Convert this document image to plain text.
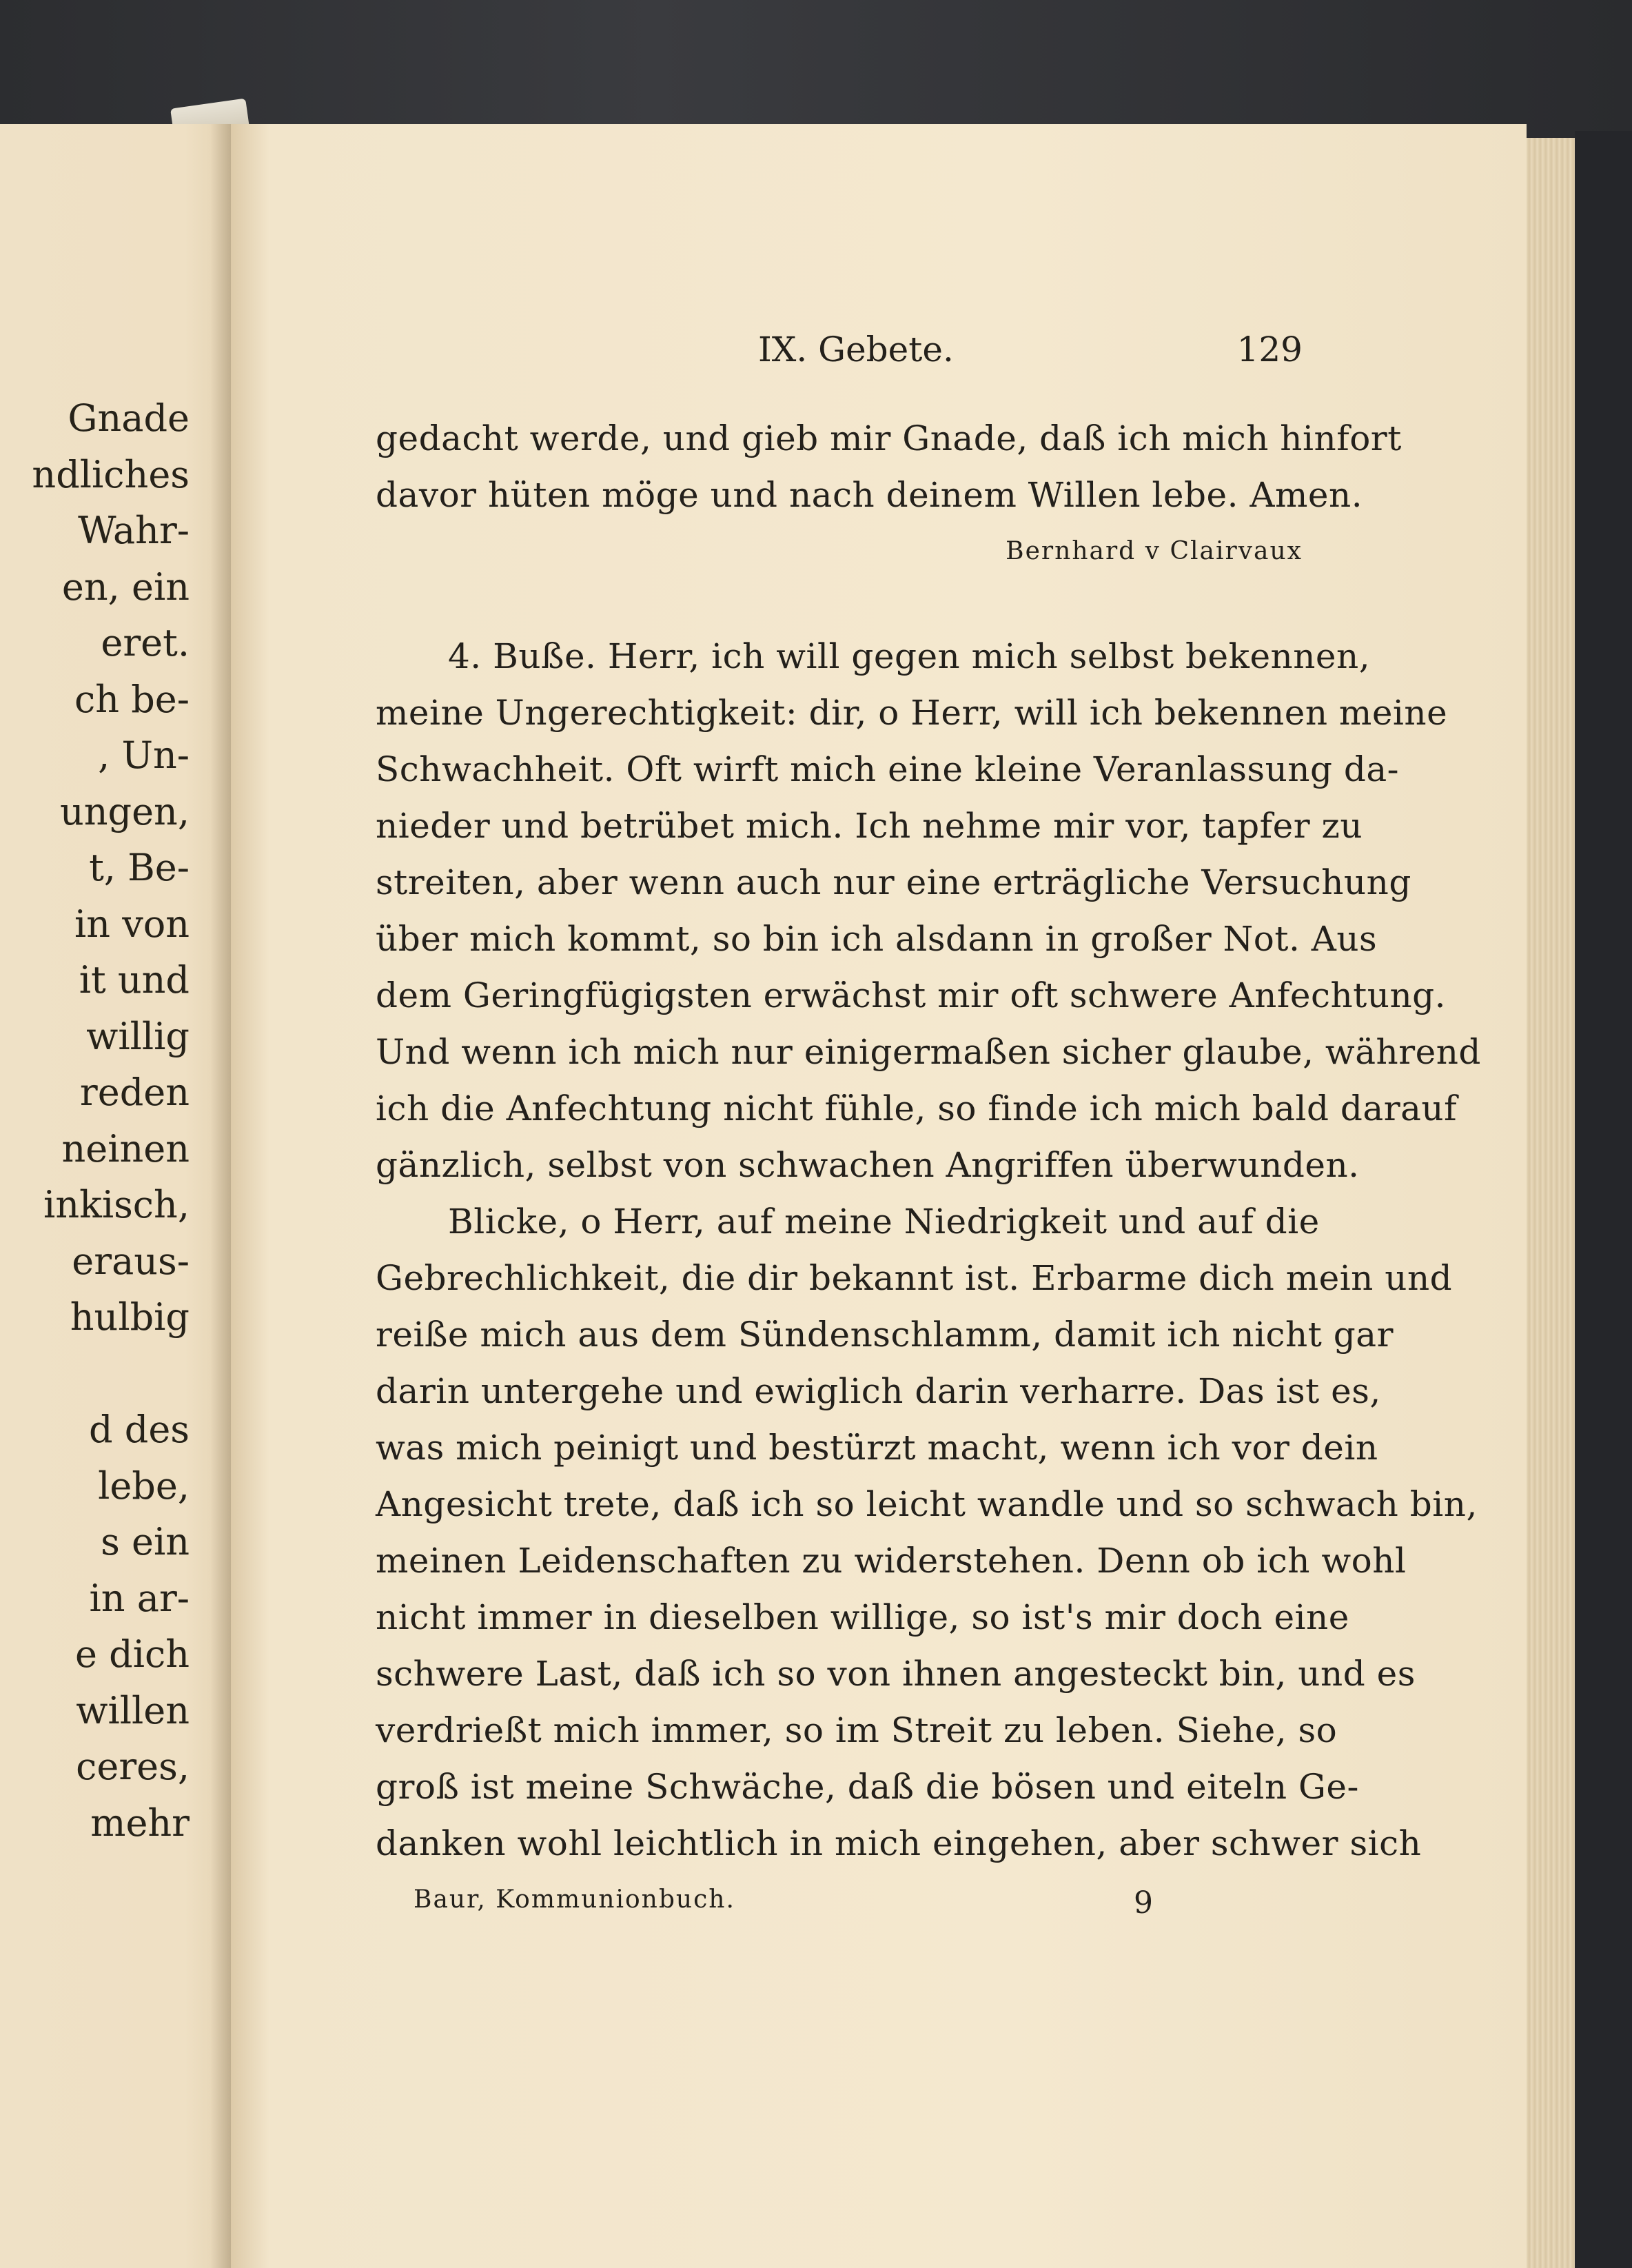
Gnade
ndliches
Wahr-
en, ein
eret.
ch be-
, Un-
ungen,
t, Be-
in von
it und
willig
reden
neinen
inkisch,
eraus-
hulbig
d des
lebe,
s ein
in ar-
e dich
willen
ceres,
mehr
IX. Gebete.	129
gedacht werde, und gieb mir Gnade, daß ich mich hinfort
davor hüten möge und nach deinem Willen lebe. Amen.
Bernhard v Clairvaux
4. Buße. Herr, ich will gegen mich selbst bekennen,
meine Ungerechtigkeit: dir, o Herr, will ich bekennen meine
Schwachheit. Oft wirft mich eine kleine Veranlassung da-
nieder und betrübet mich. Ich nehme mir vor, tapfer zu
streiten, aber wenn auch nur eine erträgliche Versuchung
über mich kommt, so bin ich alsdann in großer Not. Aus
dem Geringfügigsten erwächst mir oft schwere Anfechtung.
Und wenn ich mich nur einigermaßen sicher glaube, während
ich die Anfechtung nicht fühle, so finde ich mich bald darauf
gänzlich, selbst von schwachen Angriffen überwunden.
Blicke, o Herr, auf meine Niedrigkeit und auf die
Gebrechlichkeit, die dir bekannt ist. Erbarme dich mein und
reiße mich aus dem Sündenschlamm, damit ich nicht gar
darin untergehe und ewiglich darin verharre. Das ist es,
was mich peinigt und bestürzt macht, wenn ich vor dein
Angesicht trete, daß ich so leicht wandle und so schwach bin,
meinen Leidenschaften zu widerstehen. Denn ob ich wohl
nicht immer in dieselben willige, so ist's mir doch eine
schwere Last, daß ich so von ihnen angesteckt bin, und es
verdrießt mich immer, so im Streit zu leben. Siehe, so
groß ist meine Schwäche, daß die bösen und eiteln Ge-
danken wohl leichtlich in mich eingehen, aber schwer sich
Baur, Kommunionbuch.	9
